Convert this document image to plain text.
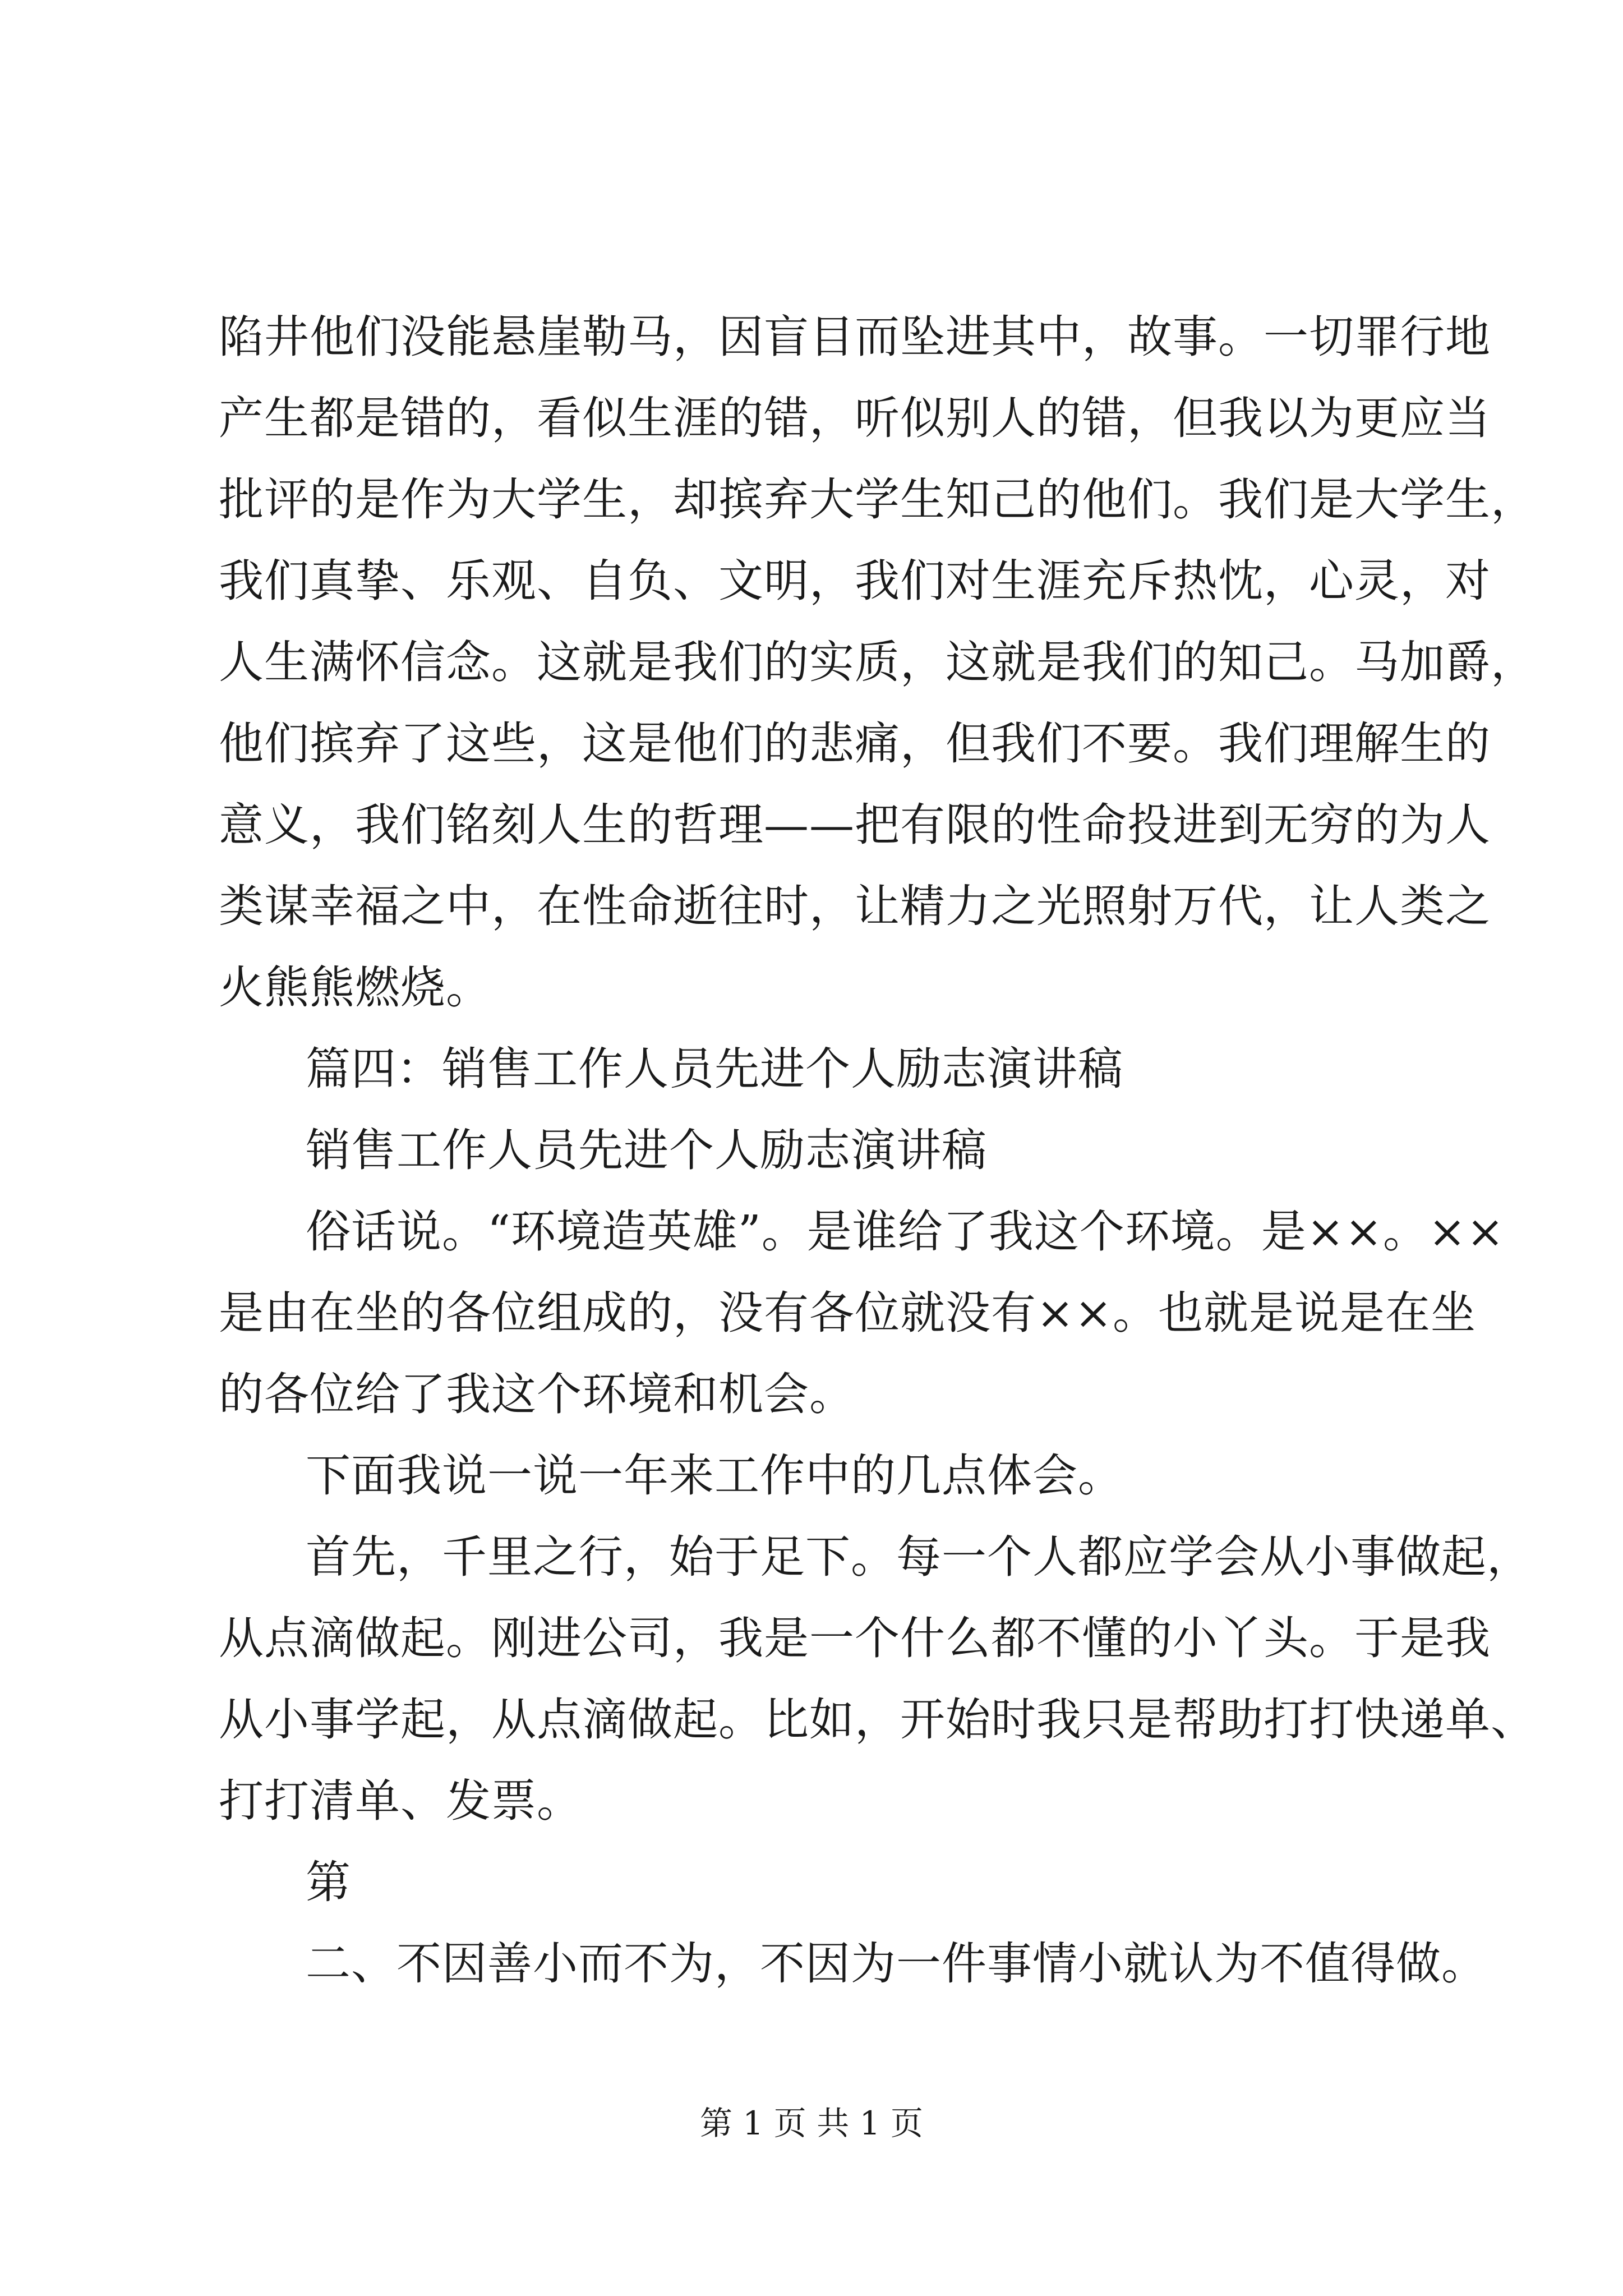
陷井他们没能悬崖勒马，因盲目而坠进其中，故事。一切罪行地
产生都是错的，看似生涯的错，听似别人的错，但我以为更应当
批评的是作为大学生，却摈弃大学生知己的他们。我们是大学生，
我们真挚、乐观、自负、文明，我们对生涯充斥热忱，心灵，对
人生满怀信念。这就是我们的实质，这就是我们的知己。马加爵，
他们摈弃了这些，这是他们的悲痛，但我们不要。我们理解生的
意义，我们铭刻人生的哲理——把有限的性命投进到无穷的为人
类谋幸福之中，在性命逝往时，让精力之光照射万代，让人类之
火熊熊燃烧。
篇四：销售工作人员先进个人励志演讲稿
销售工作人员先进个人励志演讲稿
俗话说。“环境造英雄”。是谁给了我这个环境。是××。××
是由在坐的各位组成的，没有各位就没有××。也就是说是在坐
的各位给了我这个环境和机会。
下面我说一说一年来工作中的几点体会。
首先，千里之行，始于足下。每一个人都应学会从小事做起，
从点滴做起。刚进公司，我是一个什么都不懂的小丫头。于是我
从小事学起，从点滴做起。比如，开始时我只是帮助打打快递单、
打打清单、发票。
第
二、不因善小而不为，不因为一件事情小就认为不值得做。
第 1 页 共 1 页
